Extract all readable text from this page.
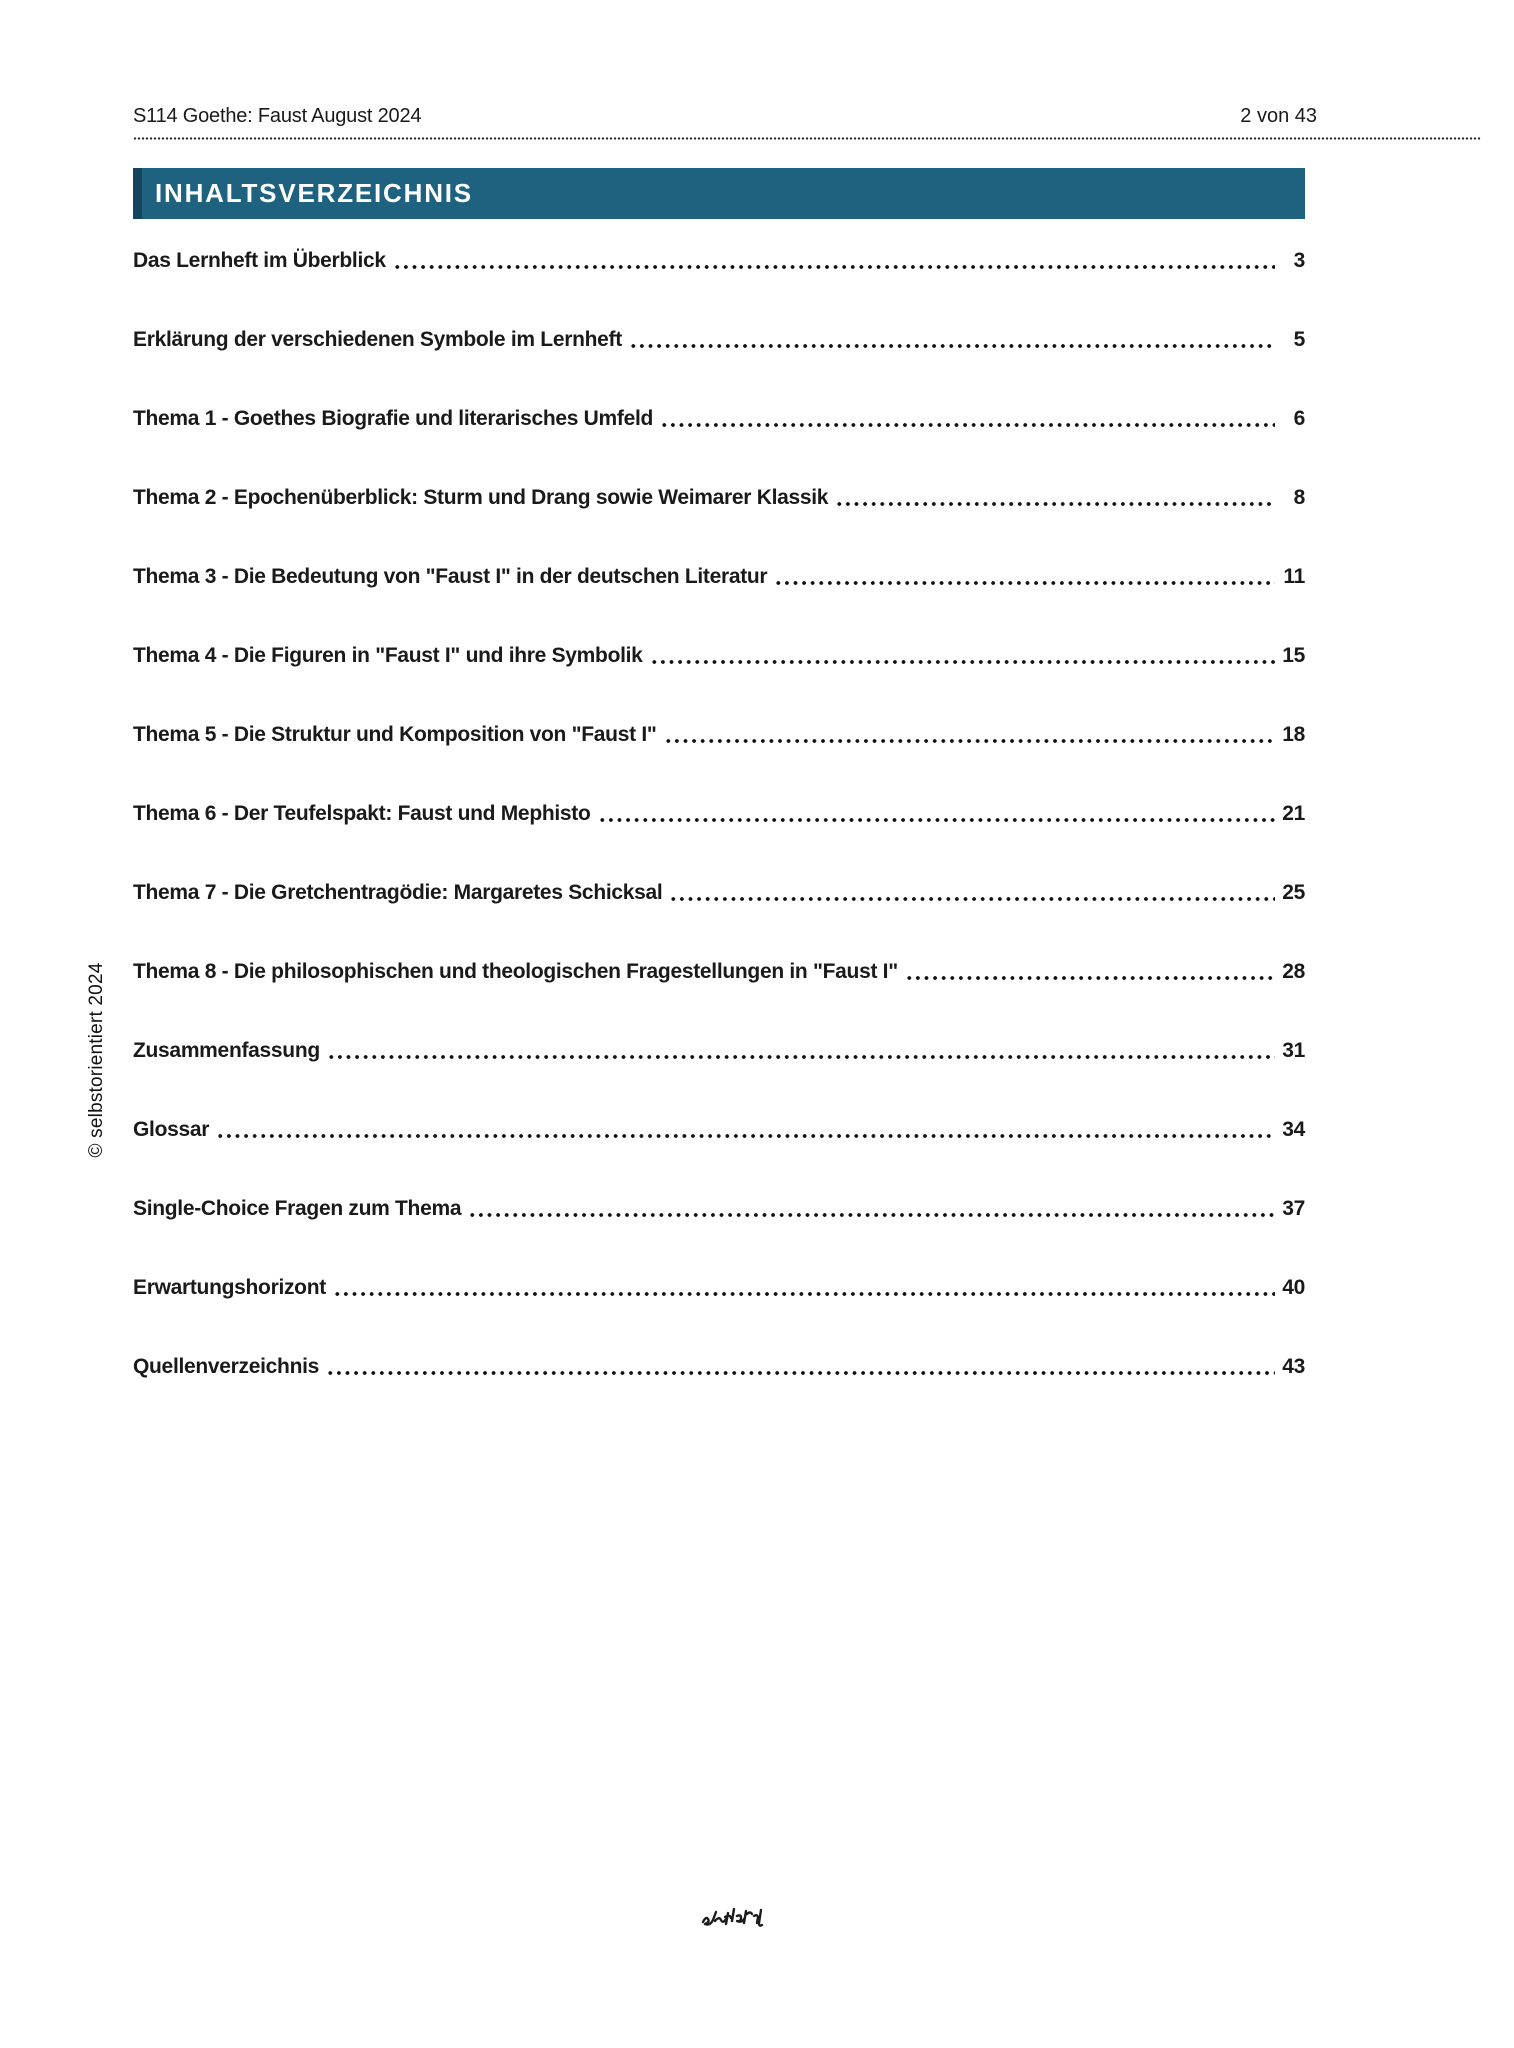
S114 Goethe: Faust August 2024	2 von 43
INHALTSVERZEICHNIS
Das Lernheft im Überblick	3
Erklärung der verschiedenen Symbole im Lernheft	5
Thema 1 - Goethes Biografie und literarisches Umfeld	6
Thema 2 - Epochenüberblick: Sturm und Drang sowie Weimarer Klassik	8
Thema 3 - Die Bedeutung von "Faust I" in der deutschen Literatur	11
Thema 4 - Die Figuren in "Faust I" und ihre Symbolik	15
Thema 5 - Die Struktur und Komposition von "Faust I"	18
Thema 6 - Der Teufelspakt: Faust und Mephisto	21
Thema 7 - Die Gretchentragödie: Margaretes Schicksal	25
Thema 8 - Die philosophischen und theologischen Fragestellungen in "Faust I"	28
Zusammenfassung	31
Glossar	34
Single-Choice Fragen zum Thema	37
Erwartungshorizont	40
Quellenverzeichnis	43
© selbstorientiert 2024
